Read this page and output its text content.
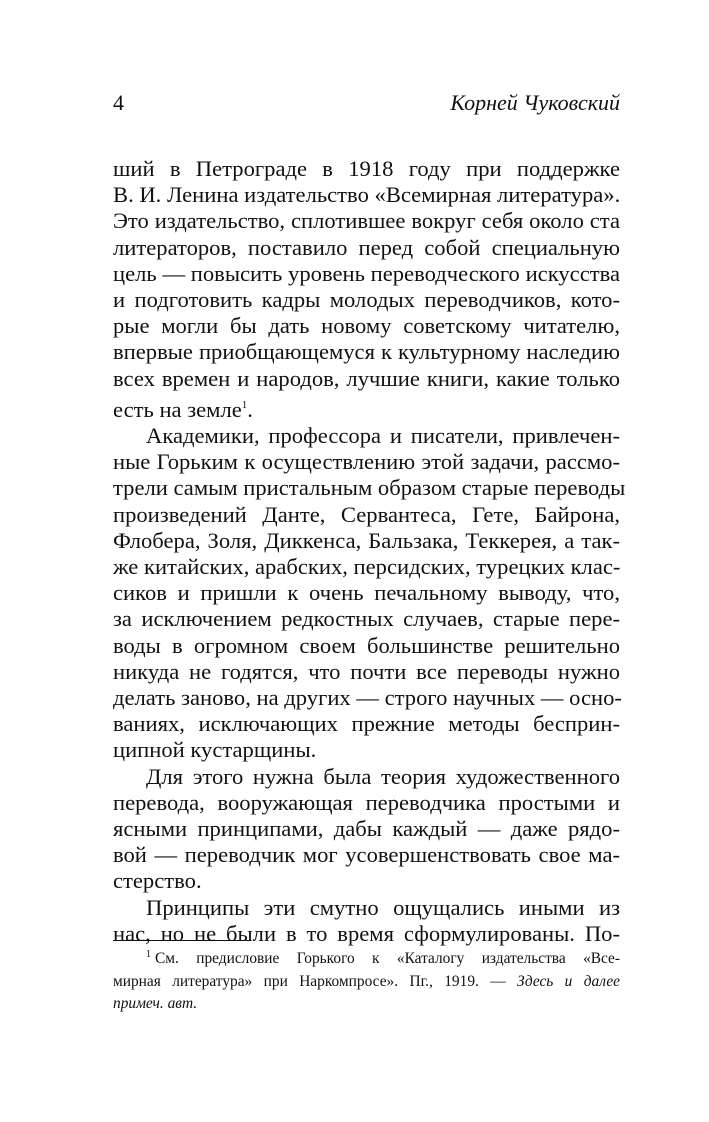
4	Корней Чуковский
ший в Петрограде в 1918 году при поддержке
В. И. Ленина издательство «Всемирная литература».
Это издательство, сплотившее вокруг себя около ста
литераторов, поставило перед собой специальную
цель — повысить уровень переводческого искусства
и подготовить кадры молодых переводчиков, кото-
рые могли бы дать новому советскому читателю,
впервые приобщающемуся к культурному наследию
всех времен и народов, лучшие книги, какие только
есть на земле$^1$.
Академики, профессора и писатели, привлечен-
ные Горьким к осуществлению этой задачи, рассмо-
трели самым пристальным образом старые переводы
произведений Данте, Сервантеса, Гете, Байрона,
Флобера, Золя, Диккенса, Бальзака, Теккерея, а так-
же китайских, арабских, персидских, турецких клас-
сиков и пришли к очень печальному выводу, что,
за исключением редкостных случаев, старые пере-
воды в огромном своем большинстве решительно
никуда не годятся, что почти все переводы нужно
делать заново, на других — строго научных — осно-
ваниях, исключающих прежние методы бесприн-
ципной кустарщины.
Для этого нужна была теория художественного
перевода, вооружающая переводчика простыми и
ясными принципами, дабы каждый — даже рядо-
вой — переводчик мог усовершенствовать свое ма-
стерство.
Принципы эти смутно ощущались иными из
нас, но не были в то время сформулированы. По-
$^1$ См. предисловие Горького к «Каталогу издательства «Все-
мирная литература» при Наркомпросе». Пг., 1919. — Здесь и далее
примеч. авт.
